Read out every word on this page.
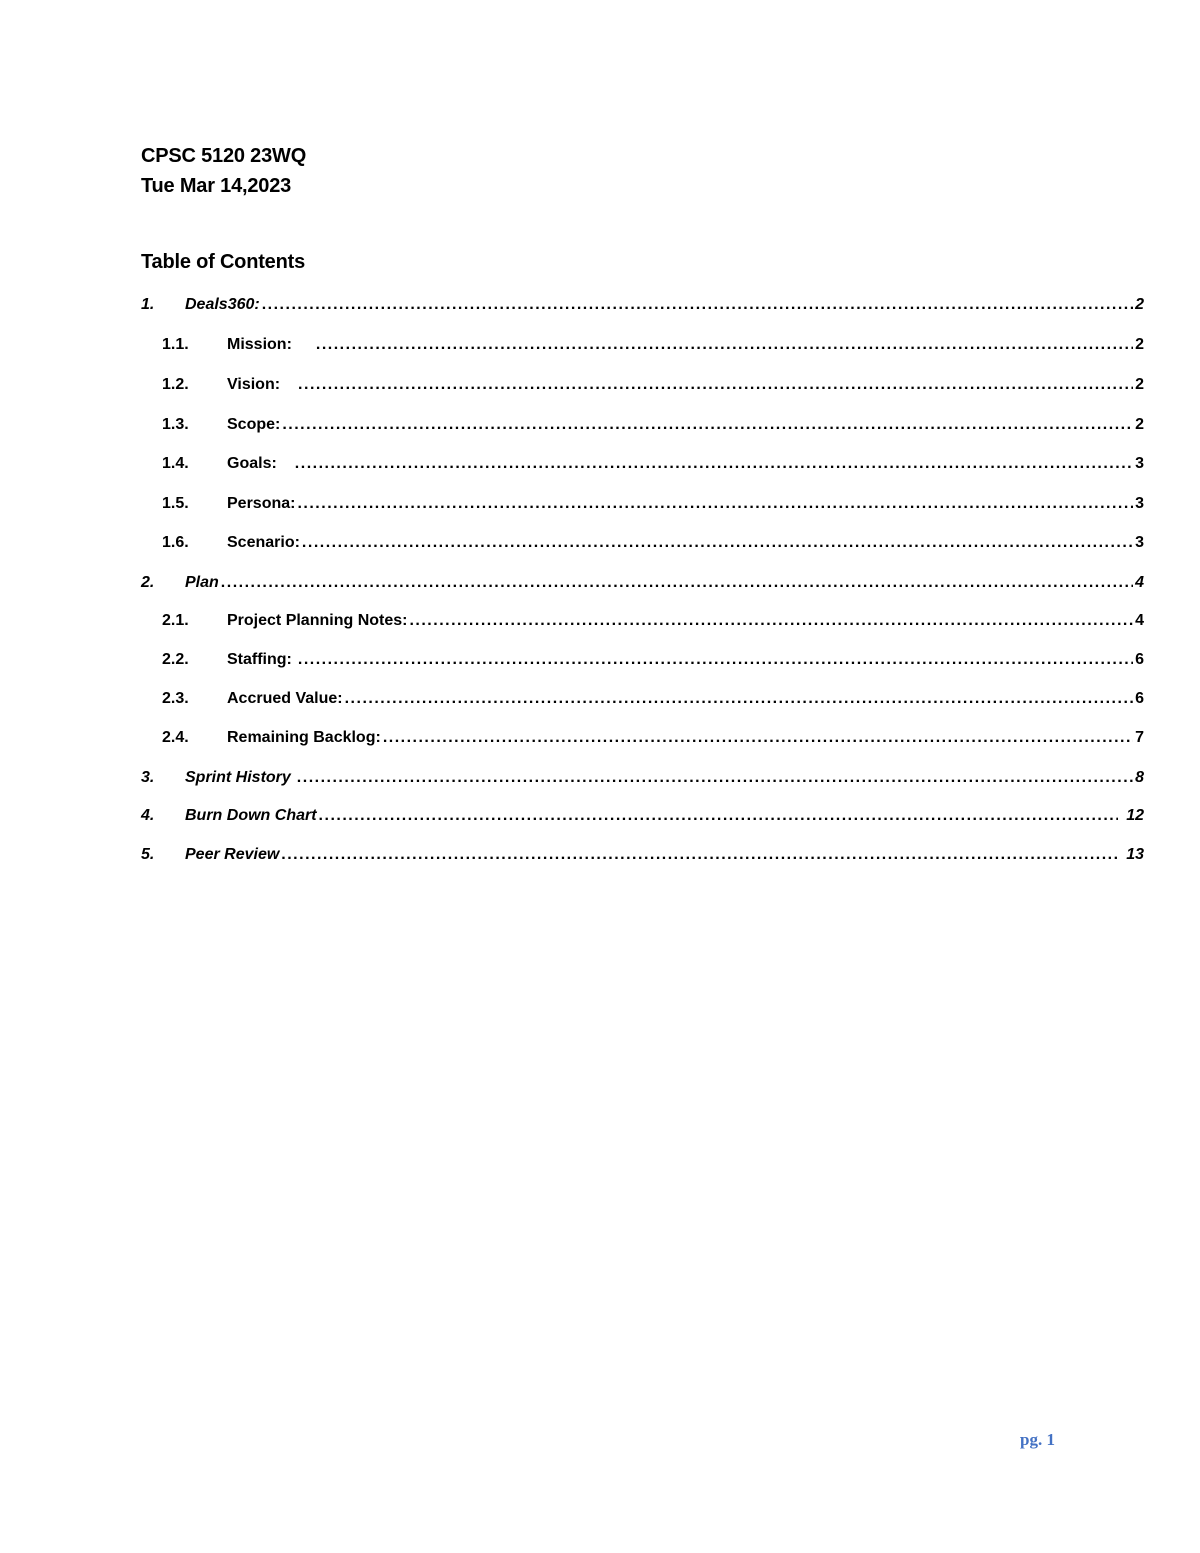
CPSC 5120 23WQ
Tue Mar 14,2023
Table of Contents
1.	Deals360: .....	2
1.1.	Mission: .....	2
1.2.	Vision: .....	2
1.3.	Scope: .....	2
1.4.	Goals: .....	3
1.5.	Persona: .....	3
1.6.	Scenario: .....	3
2.	Plan .....	4
2.1.	Project Planning Notes: .....	4
2.2.	Staffing: .....	6
2.3.	Accrued Value: .....	6
2.4.	Remaining Backlog: .....	7
3.	Sprint History .....	8
4.	Burn Down Chart .....	12
5.	Peer Review .....	13
pg. 1
